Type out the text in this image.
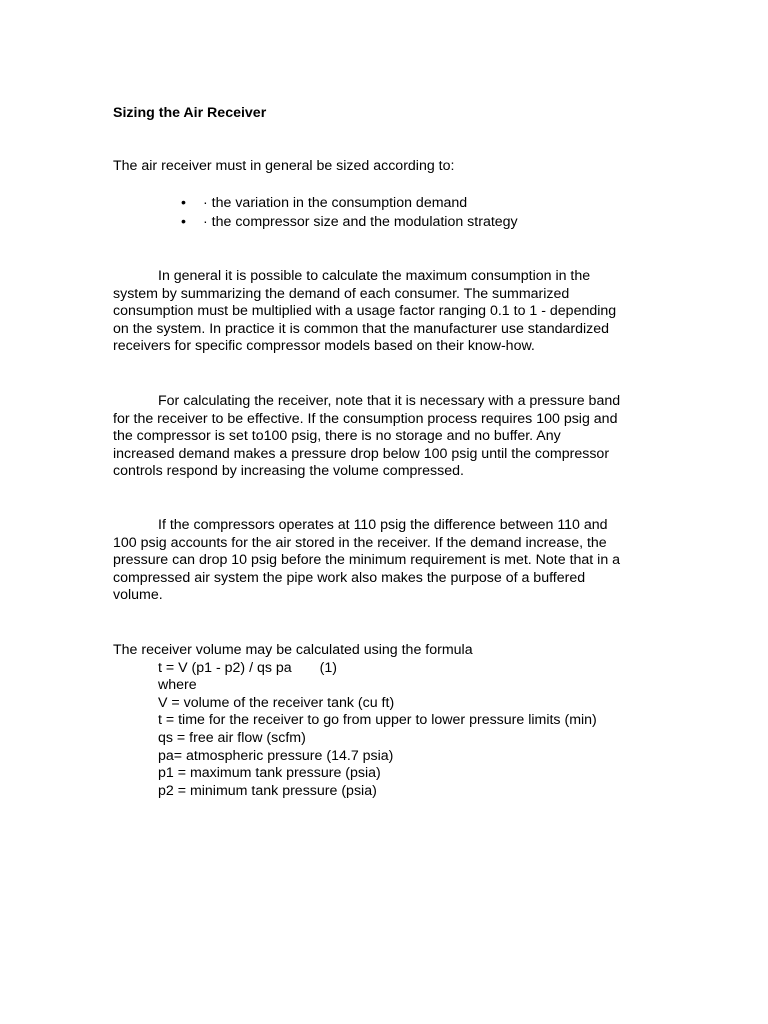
Sizing the Air Receiver
The air receiver must in general be sized according to:
• · the variation in the consumption demand
• · the compressor size and the modulation strategy
In general it is possible to calculate the maximum consumption in the
system by summarizing the demand of each consumer. The summarized
consumption must be multiplied with a usage factor ranging 0.1 to 1 - depending
on the system. In practice it is common that the manufacturer use standardized
receivers for specific compressor models based on their know-how.
For calculating the receiver, note that it is necessary with a pressure band
for the receiver to be effective. If the consumption process requires 100 psig and
the compressor is set to100 psig, there is no storage and no buffer. Any
increased demand makes a pressure drop below 100 psig until the compressor
controls respond by increasing the volume compressed.
If the compressors operates at 110 psig the difference between 110 and
100 psig accounts for the air stored in the receiver. If the demand increase, the
pressure can drop 10 psig before the minimum requirement is met. Note that in a
compressed air system the pipe work also makes the purpose of a buffered
volume.
The receiver volume may be calculated using the formula
t = V (p1 - p2) / qs pa (1)
where
V = volume of the receiver tank (cu ft)
t = time for the receiver to go from upper to lower pressure limits (min)
qs = free air flow (scfm)
pa= atmospheric pressure (14.7 psia)
p1 = maximum tank pressure (psia)
p2 = minimum tank pressure (psia)
